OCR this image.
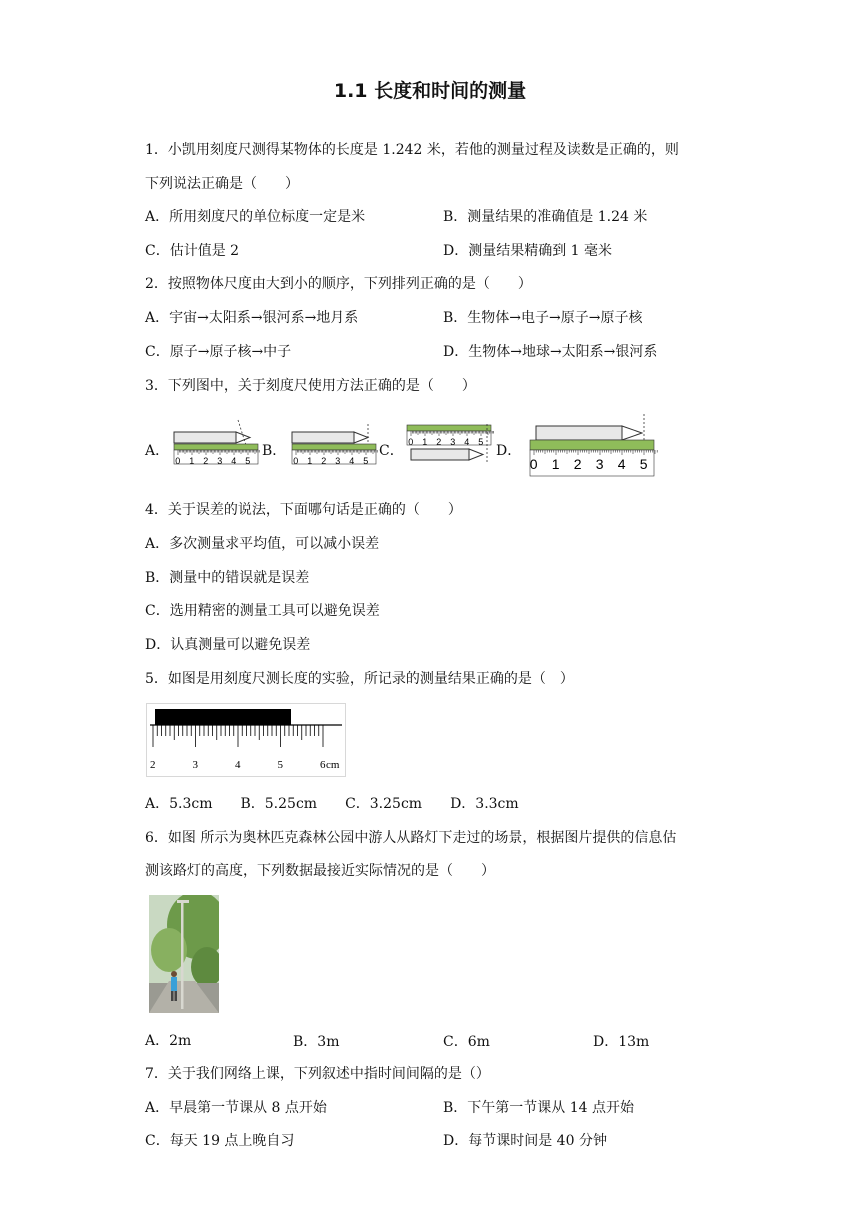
1.1 长度和时间的测量
1．小凯用刻度尺测得某物体的长度是 1.242 米，若他的测量过程及读数是正确的，则
下列说法正确是（　　）
A．所用刻度尺的单位标度一定是米	B．测量结果的准确值是 1.24 米
C．估计值是 2	D．测量结果精确到 1 毫米
2．按照物体尺度由大到小的顺序，下列排列正确的是（　　）
A．宇宙→太阳系→银河系→地月系	B．生物体→电子→原子→原子核
C．原子→原子核→中子	D．生物体→地球→太阳系→银河系
3．下列图中，关于刻度尺使用方法正确的是（　　）
A．	B．	C．	D．
0 1 2 3 4 5	0 1 2 3 4 5
0 1 2 3 4 5
0 1 2 3 4 5
4．关于误差的说法，下面哪句话是正确的（　　）
A．多次测量求平均值，可以减小误差
B．测量中的错误就是误差
C．选用精密的测量工具可以避免误差
D．认真测量可以避免误差
5．如图是用刻度尺测长度的实验，所记录的测量结果正确的是（　）
2	3	4	5	6 cm
A．5.3cm　　B．5.25cm　　C．3.25cm　　D．3.3cm
6．如图 所示为奥林匹克森林公园中游人从路灯下走过的场景，根据图片提供的信息估
测该路灯的高度，下列数据最接近实际情况的是（　　）
A．2m	B．3m	C．6m	D．13m
7．关于我们网络上课，下列叙述中指时间间隔的是（）
A．早晨第一节课从 8 点开始	B．下午第一节课从 14 点开始
C．每天 19 点上晚自习	D．每节课时间是 40 分钟
